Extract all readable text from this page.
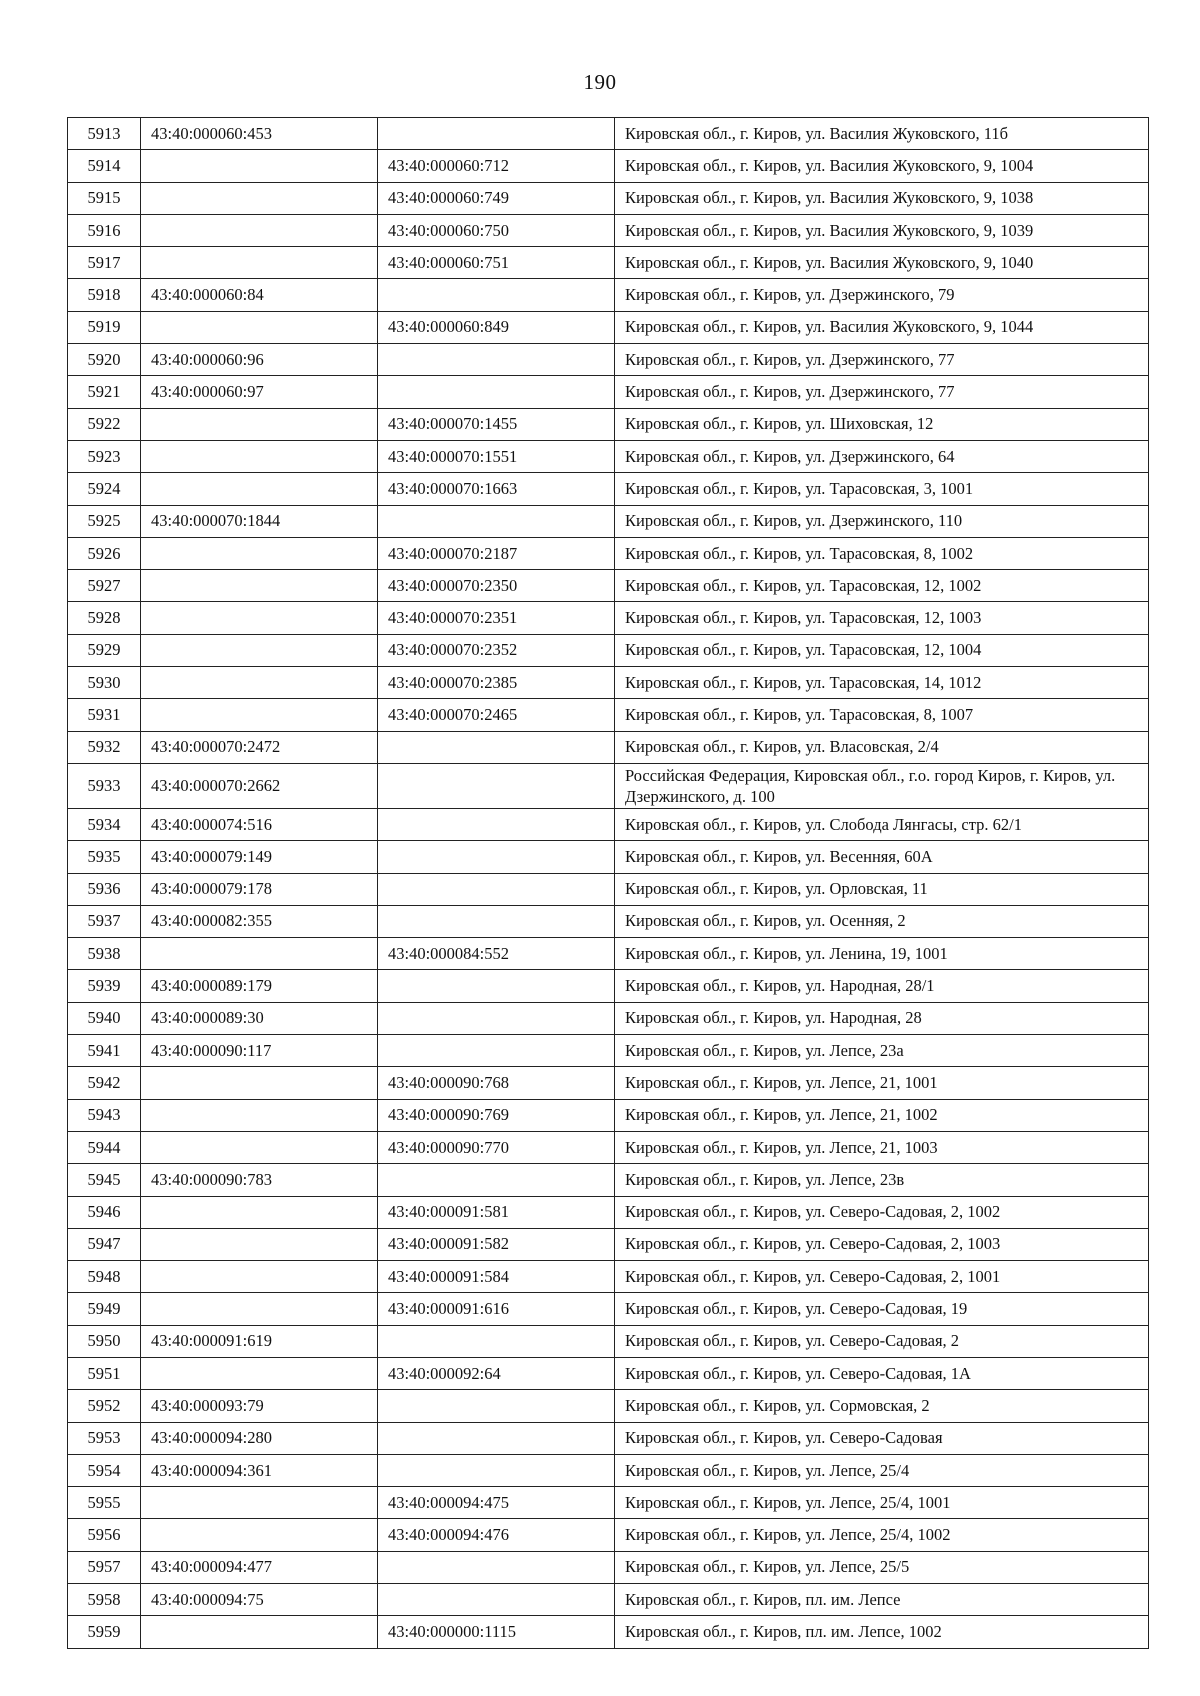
190
5913	43:40:000060:453		Кировская обл., г. Киров, ул. Василия Жуковского, 11б
5914		43:40:000060:712	Кировская обл., г. Киров, ул. Василия Жуковского, 9, 1004
5915		43:40:000060:749	Кировская обл., г. Киров, ул. Василия Жуковского, 9, 1038
5916		43:40:000060:750	Кировская обл., г. Киров, ул. Василия Жуковского, 9, 1039
5917		43:40:000060:751	Кировская обл., г. Киров, ул. Василия Жуковского, 9, 1040
5918	43:40:000060:84		Кировская обл., г. Киров, ул. Дзержинского, 79
5919		43:40:000060:849	Кировская обл., г. Киров, ул. Василия Жуковского, 9, 1044
5920	43:40:000060:96		Кировская обл., г. Киров, ул. Дзержинского, 77
5921	43:40:000060:97		Кировская обл., г. Киров, ул. Дзержинского, 77
5922		43:40:000070:1455	Кировская обл., г. Киров, ул. Шиховская, 12
5923		43:40:000070:1551	Кировская обл., г. Киров, ул. Дзержинского, 64
5924		43:40:000070:1663	Кировская обл., г. Киров, ул. Тарасовская, 3, 1001
5925	43:40:000070:1844		Кировская обл., г. Киров, ул. Дзержинского, 110
5926		43:40:000070:2187	Кировская обл., г. Киров, ул. Тарасовская, 8, 1002
5927		43:40:000070:2350	Кировская обл., г. Киров, ул. Тарасовская, 12, 1002
5928		43:40:000070:2351	Кировская обл., г. Киров, ул. Тарасовская, 12, 1003
5929		43:40:000070:2352	Кировская обл., г. Киров, ул. Тарасовская, 12, 1004
5930		43:40:000070:2385	Кировская обл., г. Киров, ул. Тарасовская, 14, 1012
5931		43:40:000070:2465	Кировская обл., г. Киров, ул. Тарасовская, 8, 1007
5932	43:40:000070:2472		Кировская обл., г. Киров, ул. Власовская, 2/4
5933	43:40:000070:2662		Российская Федерация, Кировская обл., г.о. город Киров, г. Киров, ул. Дзержинского, д. 100
5934	43:40:000074:516		Кировская обл., г. Киров, ул. Слобода Лянгасы, стр. 62/1
5935	43:40:000079:149		Кировская обл., г. Киров, ул. Весенняя, 60А
5936	43:40:000079:178		Кировская обл., г. Киров, ул. Орловская, 11
5937	43:40:000082:355		Кировская обл., г. Киров, ул. Осенняя, 2
5938		43:40:000084:552	Кировская обл., г. Киров, ул. Ленина, 19, 1001
5939	43:40:000089:179		Кировская обл., г. Киров, ул. Народная, 28/1
5940	43:40:000089:30		Кировская обл., г. Киров, ул. Народная, 28
5941	43:40:000090:117		Кировская обл., г. Киров, ул. Лепсе, 23а
5942		43:40:000090:768	Кировская обл., г. Киров, ул. Лепсе, 21, 1001
5943		43:40:000090:769	Кировская обл., г. Киров, ул. Лепсе, 21, 1002
5944		43:40:000090:770	Кировская обл., г. Киров, ул. Лепсе, 21, 1003
5945	43:40:000090:783		Кировская обл., г. Киров, ул. Лепсе, 23в
5946		43:40:000091:581	Кировская обл., г. Киров, ул. Северо-Садовая, 2, 1002
5947		43:40:000091:582	Кировская обл., г. Киров, ул. Северо-Садовая, 2, 1003
5948		43:40:000091:584	Кировская обл., г. Киров, ул. Северо-Садовая, 2, 1001
5949		43:40:000091:616	Кировская обл., г. Киров, ул. Северо-Садовая, 19
5950	43:40:000091:619		Кировская обл., г. Киров, ул. Северо-Садовая, 2
5951		43:40:000092:64	Кировская обл., г. Киров, ул. Северо-Садовая, 1А
5952	43:40:000093:79		Кировская обл., г. Киров, ул. Сормовская, 2
5953	43:40:000094:280		Кировская обл., г. Киров, ул. Северо-Садовая
5954	43:40:000094:361		Кировская обл., г. Киров, ул. Лепсе, 25/4
5955		43:40:000094:475	Кировская обл., г. Киров, ул. Лепсе, 25/4, 1001
5956		43:40:000094:476	Кировская обл., г. Киров, ул. Лепсе, 25/4, 1002
5957	43:40:000094:477		Кировская обл., г. Киров, ул. Лепсе, 25/5
5958	43:40:000094:75		Кировская обл., г. Киров, пл. им. Лепсе
5959		43:40:000000:1115	Кировская обл., г. Киров, пл. им. Лепсе, 1002
